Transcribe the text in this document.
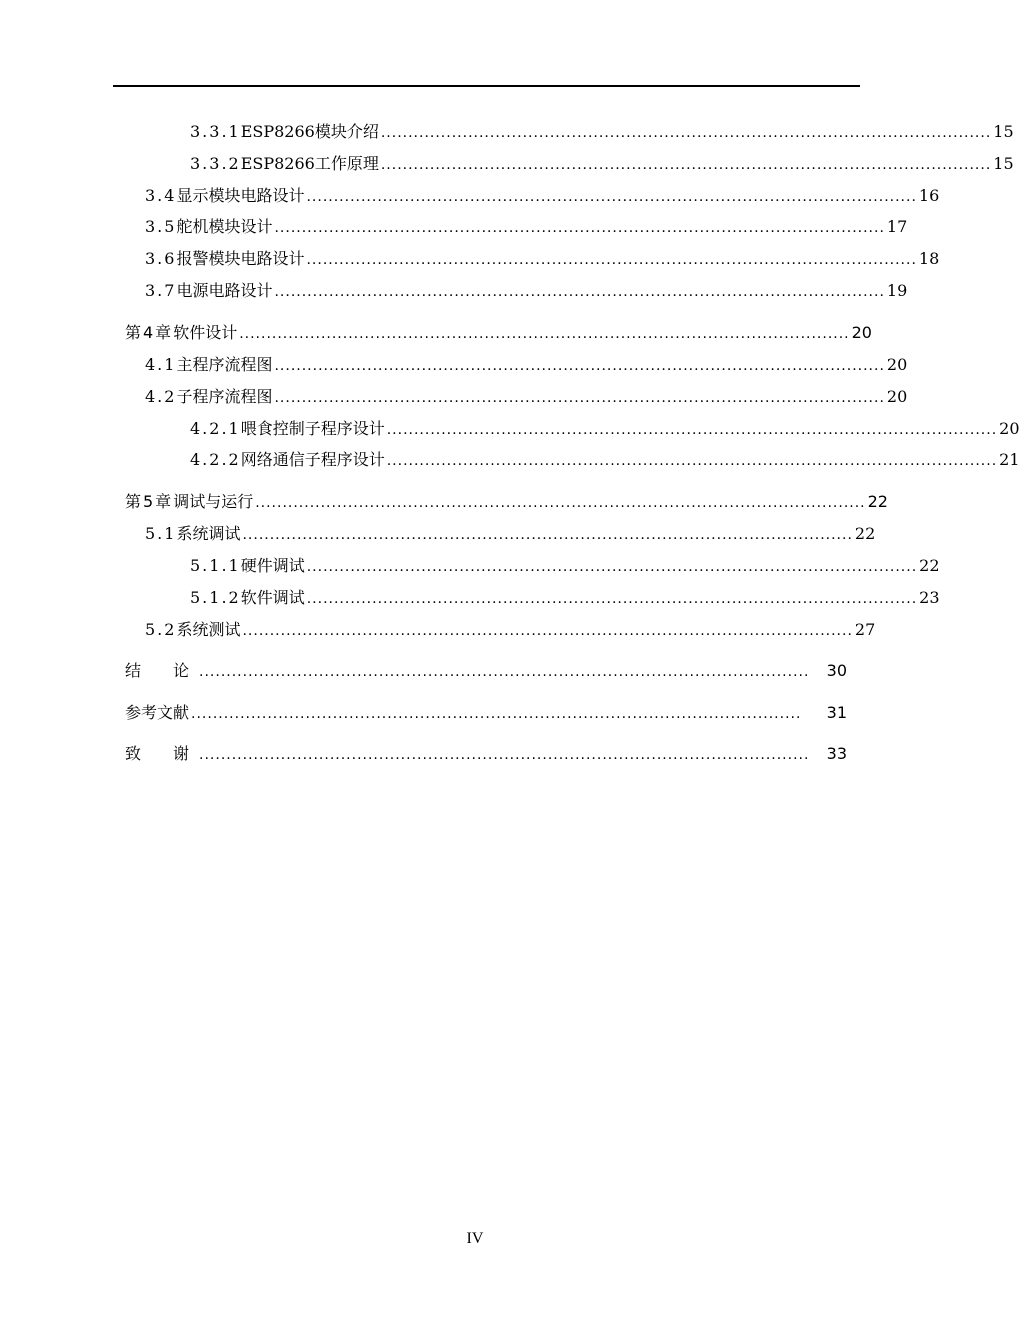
3.3.1 ESP8266模块介绍 ................................................................................................................ 15
3.3.2 ESP8266工作原理 ................................................................................................................ 15
3.4 显示模块电路设计 ................................................................................................................ 16
3.5 舵机模块设计 ................................................................................................................ 17
3.6 报警模块电路设计 ................................................................................................................ 18
3.7 电源电路设计 ................................................................................................................ 19
第4章 软件设计 ................................................................................................................ 20
4.1 主程序流程图 ................................................................................................................ 20
4.2 子程序流程图 ................................................................................................................ 20
4.2.1 喂食控制子程序设计 ................................................................................................................ 20
4.2.2 网络通信子程序设计 ................................................................................................................ 21
第5章 调试与运行 ................................................................................................................ 22
5.1 系统调试 ................................................................................................................ 22
5.1.1 硬件调试 ................................................................................................................ 22
5.1.2 软件调试 ................................................................................................................ 23
5.2 系统测试 ................................................................................................................ 27
结　论 ................................................................................................................	30
参考文献 ................................................................................................................	31
致　谢 ................................................................................................................	33
IV
